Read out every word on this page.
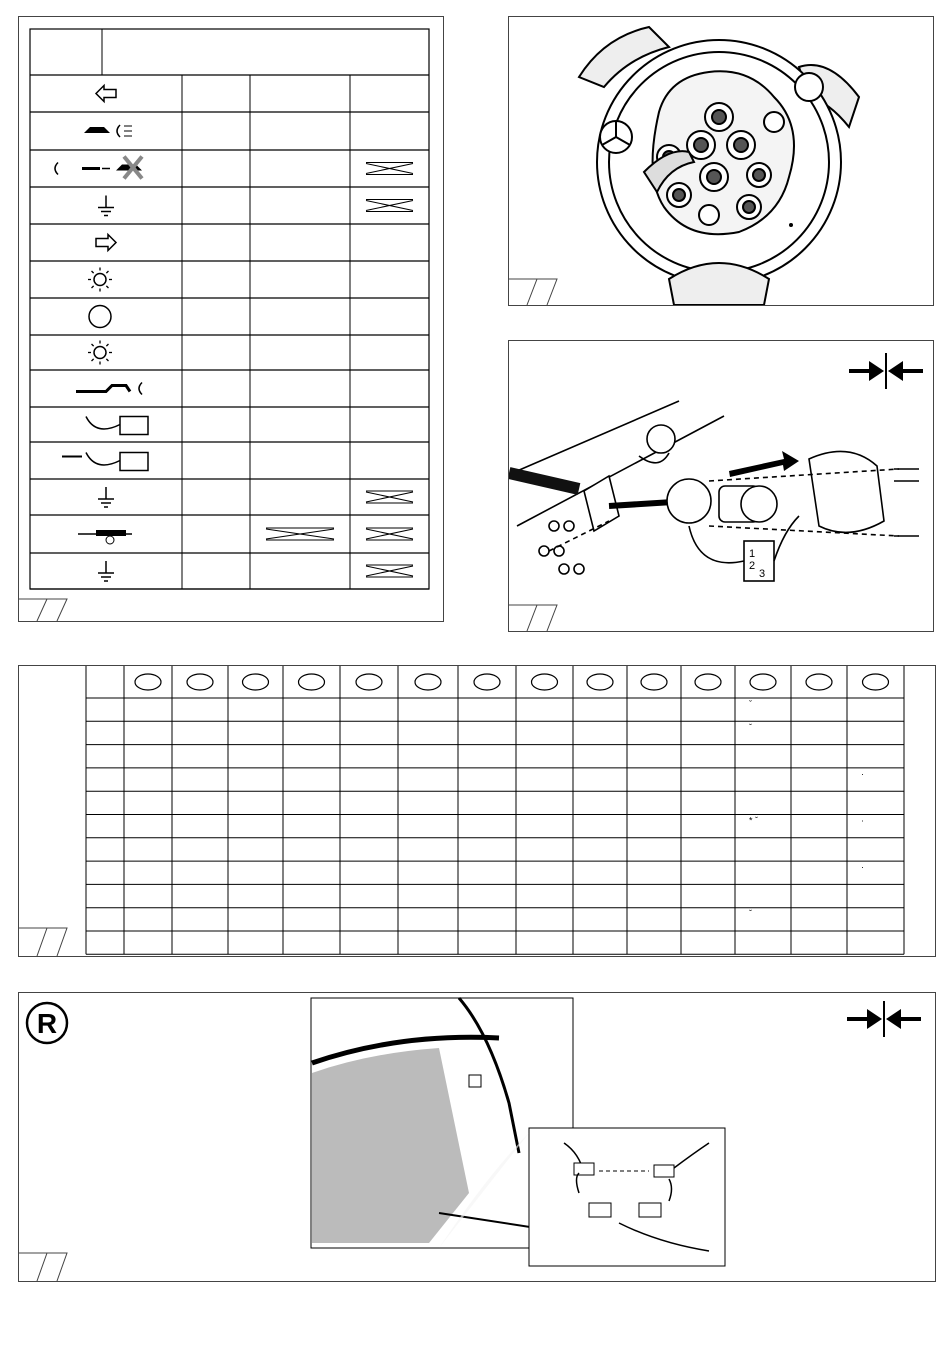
1
2
3
ˇ
ˇ
·
* ˇ	·
·
ˇ
R
